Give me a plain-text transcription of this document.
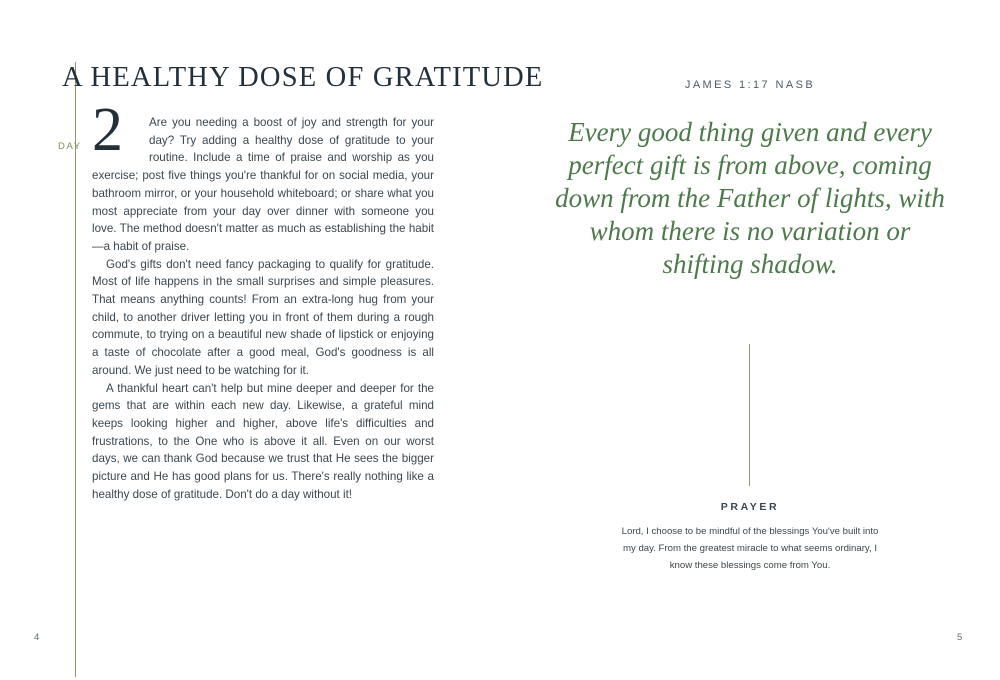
A HEALTHY DOSE OF GRATITUDE
DAY 2	Are you needing a boost of joy and strength for your day? Try adding a healthy dose of gratitude to your routine. Include a time of praise and worship as you exercise; post five things you're thankful for on social media, your bathroom mirror, or your household whiteboard; or share what you most appreciate from your day over dinner with someone you love. The method doesn't matter as much as establishing the habit—a habit of praise.

God's gifts don't need fancy packaging to qualify for gratitude. Most of life happens in the small surprises and simple pleasures. That means anything counts! From an extra-long hug from your child, to another driver letting you in front of them during a rough commute, to trying on a beautiful new shade of lipstick or enjoying a taste of chocolate after a good meal, God's goodness is all around. We just need to be watching for it.

A thankful heart can't help but mine deeper and deeper for the gems that are within each new day. Likewise, a grateful mind keeps looking higher and higher, above life's difficulties and frustrations, to the One who is above it all. Even on our worst days, we can thank God because we trust that He sees the bigger picture and He has good plans for us. There's really nothing like a healthy dose of gratitude. Don't do a day without it!

4
JAMES 1:17 NASB
Every good thing given and every perfect gift is from above, coming down from the Father of lights, with whom there is no variation or shifting shadow.
PRAYER
Lord, I choose to be mindful of the blessings You've built into my day. From the greatest miracle to what seems ordinary, I know these blessings come from You.
5
